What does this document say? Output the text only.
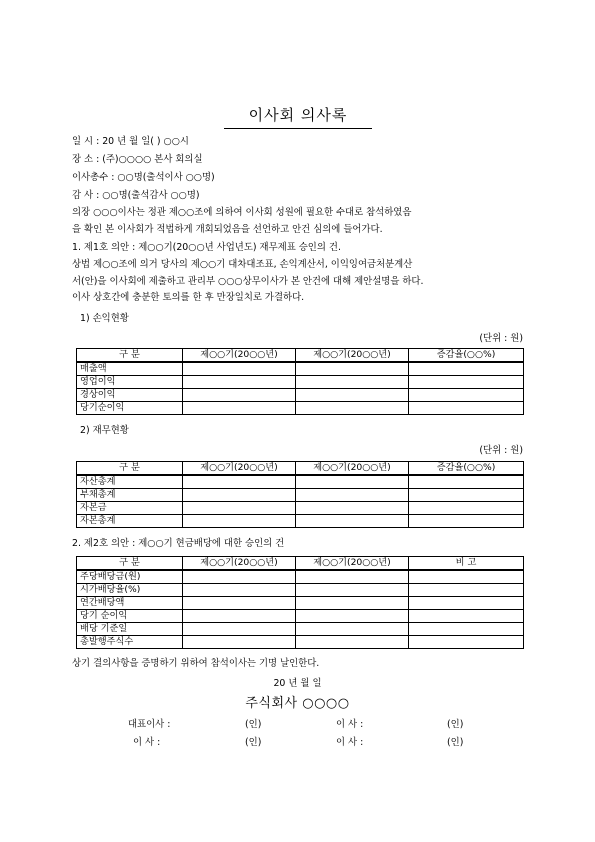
이사회 의사록
일 시 : 20 년 월 일( ) ○○시
장 소 : (주)○○○○ 본사 회의실
이사총수 : ○○명(출석이사 ○○명)
감 사 : ○○명(출석감사 ○○명)
의장 ○○○이사는 정관 제○○조에 의하여 이사회 성원에 필요한 수대로 참석하였음
을 확인 본 이사회가 적법하게 개회되었음을 선언하고 안건 심의에 들어가다.
1. 제1호 의안 : 제○○기(20○○년 사업년도) 재무제표 승인의 건.
상법 제○○조에 의거 당사의 제○○기 대차대조표, 손익계산서, 이익잉여금처분계산
서(안)을 이사회에 제출하고 관리부 ○○○상무이사가 본 안건에 대해 제안설명을 하다.
이사 상호간에 충분한 토의를 한 후 만장일치로 가결하다.
1) 손익현황
(단위 : 원)
구 분	제○○기(20○○년)	제○○기(20○○년)	증감율(○○%)
매출액			
영업이익			
경상이익			
당기순이익			
2) 재무현황
(단위 : 원)
구 분	제○○기(20○○년)	제○○기(20○○년)	증감율(○○%)
자산총계			
부채총계			
자본금			
자본총계			
2. 제2호 의안 : 제○○기 현금배당에 대한 승인의 건
구 분	제○○기(20○○년)	제○○기(20○○년)	비 고
주당배당금(원)			
시가배당율(%)			
연간배당액			
당기 순이익			
배당 기준일			
총발행주식수			
상기 결의사항을 증명하기 위하여 참석이사는 기명 날인한다.
20 년 월 일
주식회사 ○○○○
대표이사 :	(인)	이 사 :	(인)
이 사 :	(인)	이 사 :	(인)
